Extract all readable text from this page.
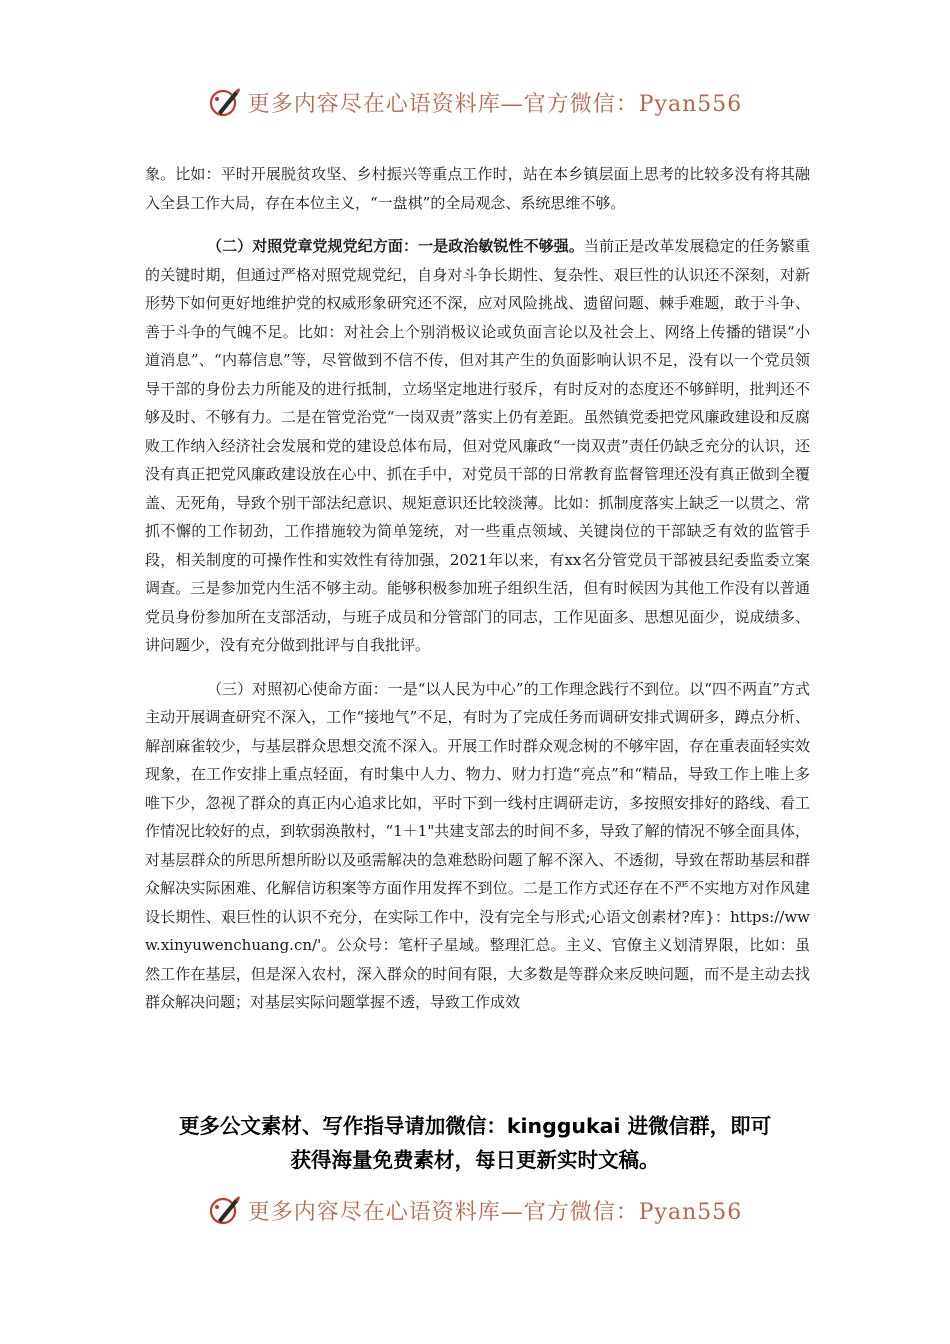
更多内容尽在心语资料库—官方微信：Pyan556

象。比如：平时开展脱贫攻坚、乡村振兴等重点工作时，站在本乡镇层面上思考的比较多没有将其融入全县工作大局，存在本位主义，“一盘棋”的全局观念、系统思维不够。

（二）对照党章党规党纪方面：一是政治敏锐性不够强。当前正是改革发展稳定的任务繁重的关键时期，但通过严格对照党规党纪，自身对斗争长期性、复杂性、艰巨性的认识还不深刻，对新形势下如何更好地维护党的权威形象研究还不深，应对风险挑战、遗留问题、棘手难题，敢于斗争、善于斗争的气魄不足。比如：对社会上个别消极议论或负面言论以及社会上、网络上传播的错误“小道消息”、“内幕信息”等，尽管做到不信不传，但对其产生的负面影响认识不足，没有以一个党员领导干部的身份去力所能及的进行抵制，立场坚定地进行驳斥，有时反对的态度还不够鲜明，批判还不够及时、不够有力。二是在管党治党“一岗双责”落实上仍有差距。虽然镇党委把党风廉政建设和反腐败工作纳入经济社会发展和党的建设总体布局，但对党风廉政“一岗双责”责任仍缺乏充分的认识，还没有真正把党风廉政建设放在心中、抓在手中，对党员干部的日常教育监督管理还没有真正做到全覆盖、无死角，导致个别干部法纪意识、规矩意识还比较淡薄。比如：抓制度落实上缺乏一以贯之、常抓不懈的工作韧劲，工作措施较为简单笼统，对一些重点领域、关键岗位的干部缺乏有效的监管手段，相关制度的可操作性和实效性有待加强，2021年以来，有xx名分管党员干部被县纪委监委立案调查。三是参加党内生活不够主动。能够积极参加班子组织生活，但有时候因为其他工作没有以普通党员身份参加所在支部活动，与班子成员和分管部门的同志，工作见面多、思想见面少，说成绩多、讲问题少，没有充分做到批评与自我批评。

（三）对照初心使命方面：一是“以人民为中心”的工作理念践行不到位。以“四不两直”方式主动开展调查研究不深入，工作“接地气”不足，有时为了完成任务而调研安排式调研多，蹲点分析、解剖麻雀较少，与基层群众思想交流不深入。开展工作时群众观念树的不够牢固，存在重表面轻实效现象，在工作安排上重点轻面，有时集中人力、物力、财力打造“亮点”和“精品，导致工作上唯上多唯下少，忽视了群众的真正内心追求比如，平时下到一线村庄调研走访，多按照安排好的路线、看工作情况比较好的点，到软弱涣散村，“1＋1"共建支部去的时间不多，导致了解的情况不够全面具体，对基层群众的所思所想所盼以及亟需解决的急难愁盼问题了解不深入、不透彻，导致在帮助基层和群众解决实际困难、化解信访积案等方面作用发挥不到位。二是工作方式还存在不严不实地方对作风建设长期性、艰巨性的认识不充分，在实际工作中，没有完全与形式;心语文创素材?库}：https://www.xinyuwenchuang.cn/'。公众号：笔杆子星域。整理汇总。主义、官僚主义划清界限，比如：虽然工作在基层，但是深入农村，深入群众的时间有限，大多数是等群众来反映问题，而不是主动去找群众解决问题；对基层实际问题掌握不透，导致工作成效

更多公文素材、写作指导请加微信：kinggukai 进微信群，即可
获得海量免费素材，每日更新实时文稿。
更多内容尽在心语资料库—官方微信：Pyan556
